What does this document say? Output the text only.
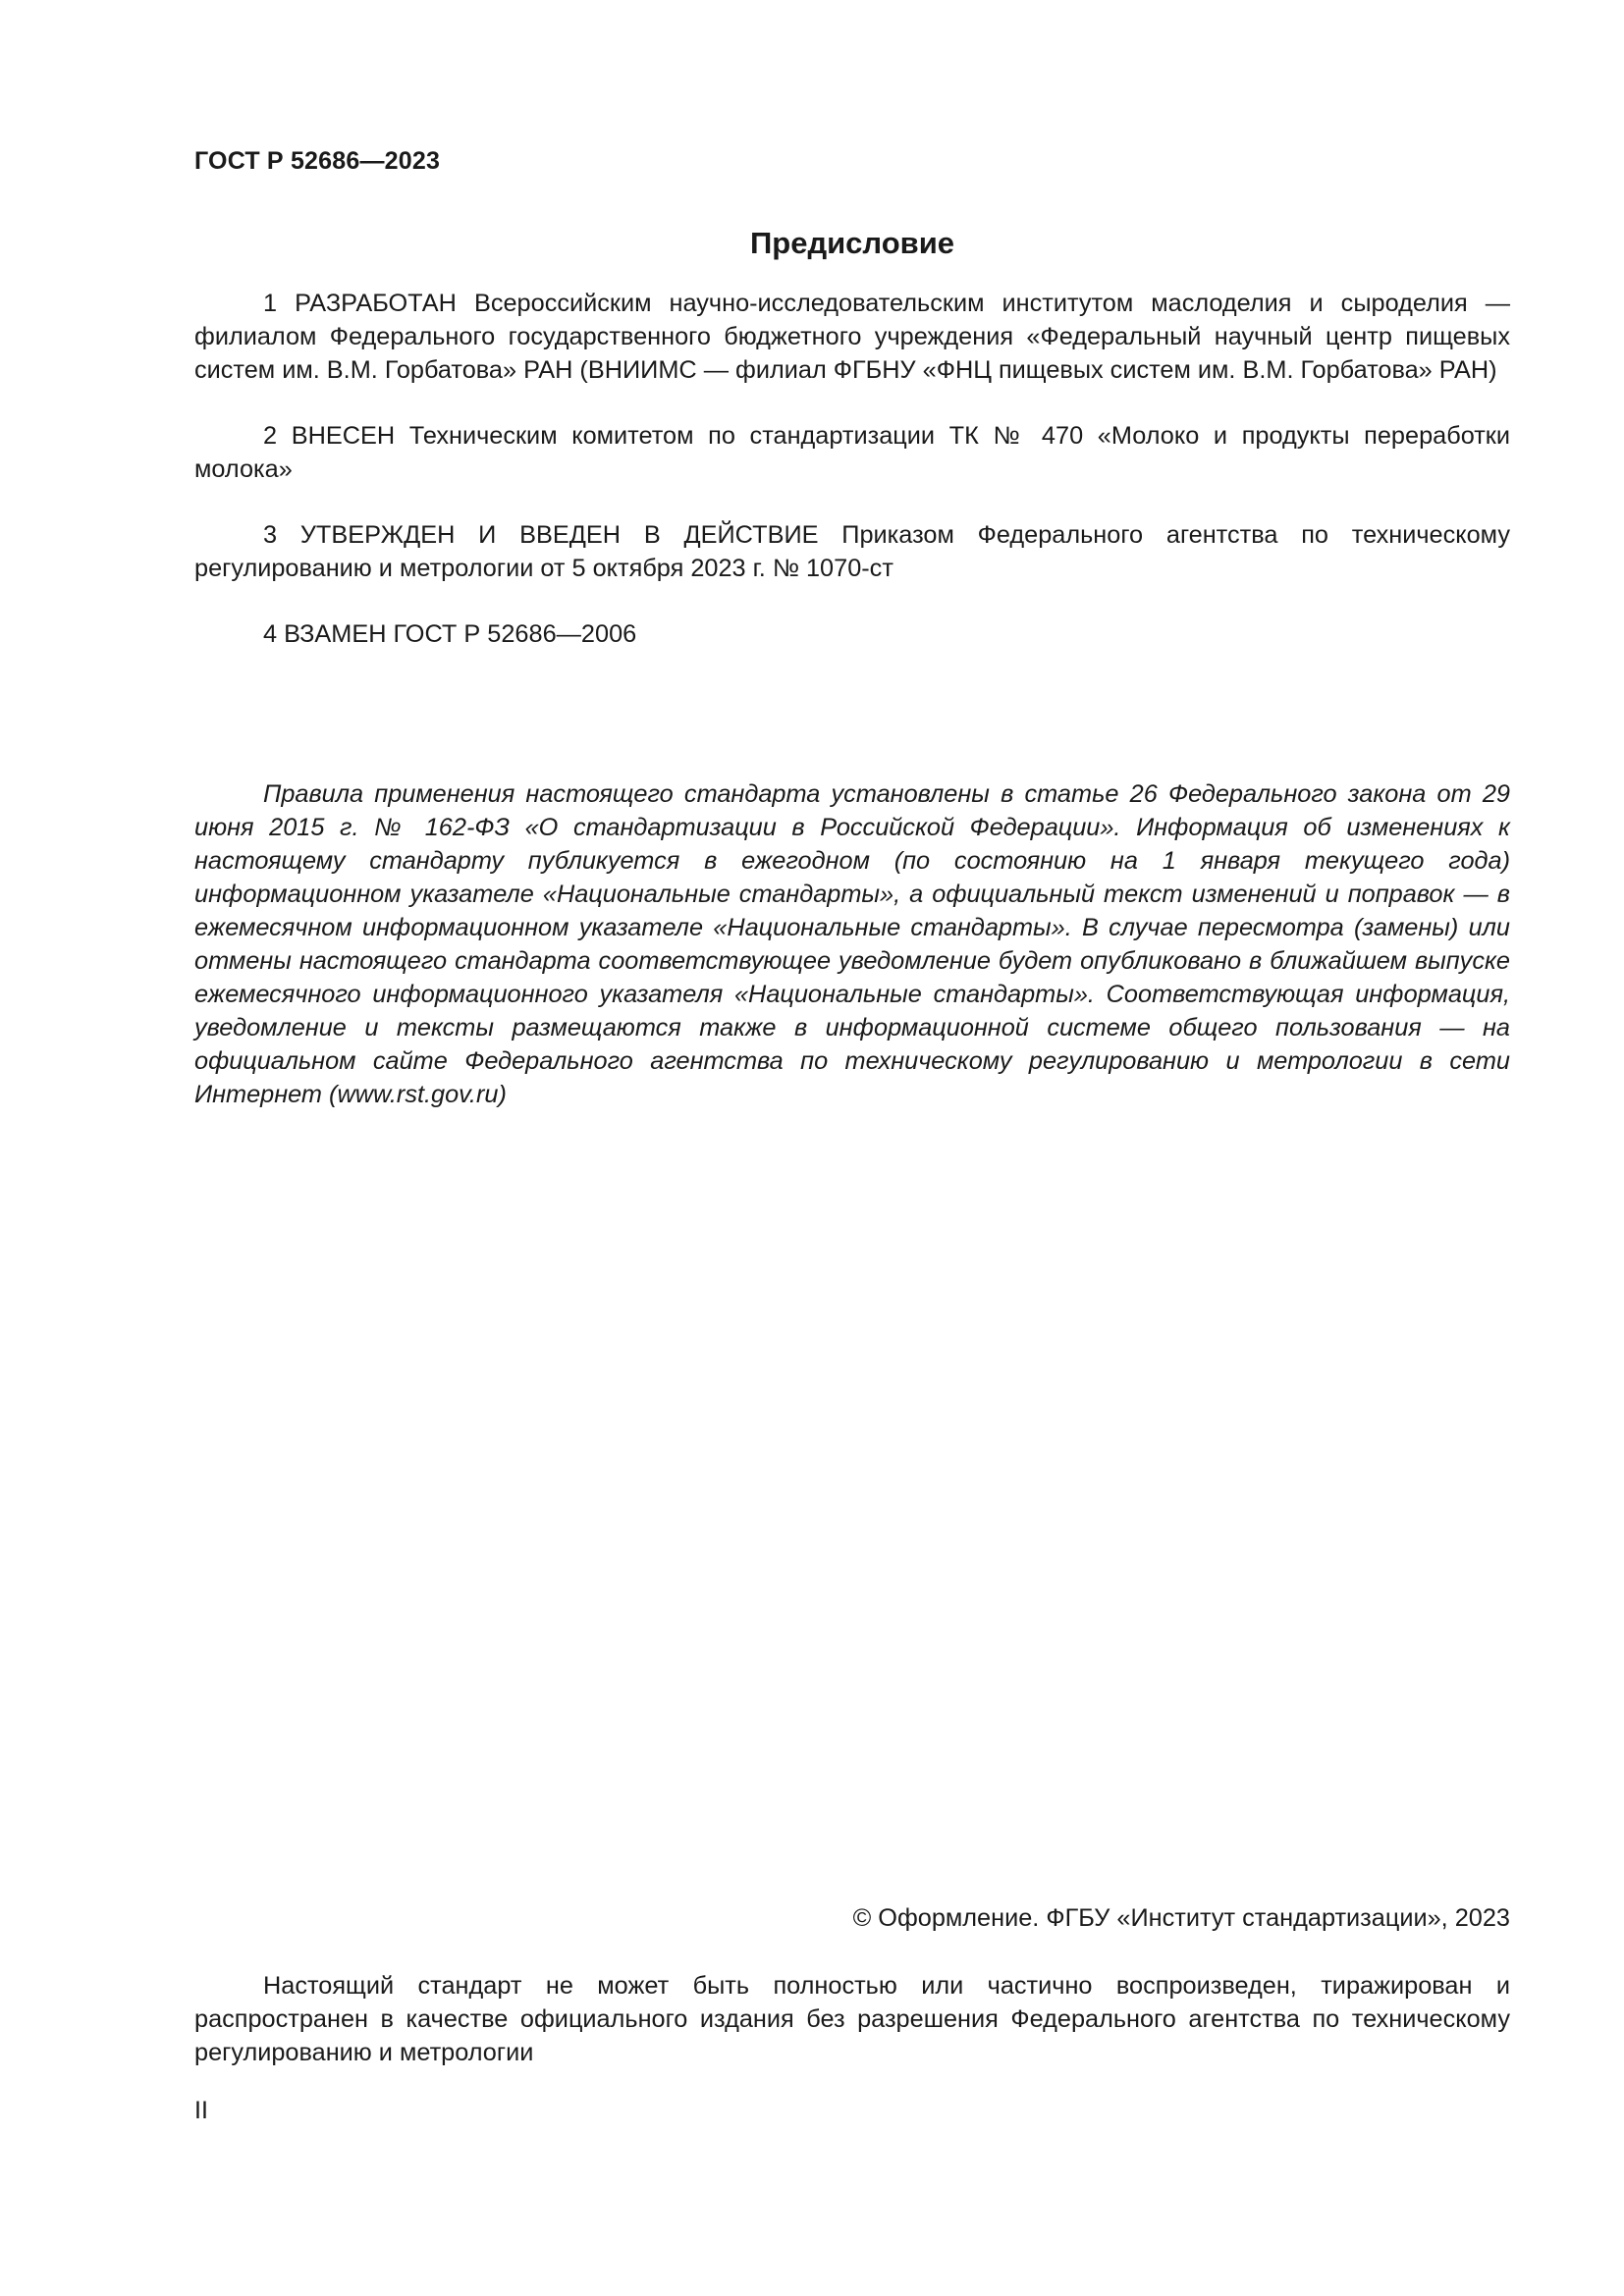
ГОСТ Р 52686—2023
Предисловие

1 РАЗРАБОТАН Всероссийским научно-исследовательским институтом маслоделия и сыроделия — филиалом Федерального государственного бюджетного учреждения «Федеральный научный центр пищевых систем им. В.М. Горбатова» РАН (ВНИИМС — филиал ФГБНУ «ФНЦ пищевых систем им. В.М. Горбатова» РАН)

2 ВНЕСЕН Техническим комитетом по стандартизации ТК № 470 «Молоко и продукты переработки молока»

3 УТВЕРЖДЕН И ВВЕДЕН В ДЕЙСТВИЕ Приказом Федерального агентства по техническому регулированию и метрологии от 5 октября 2023 г. № 1070-ст

4 ВЗАМЕН ГОСТ Р 52686—2006

Правила применения настоящего стандарта установлены в статье 26 Федерального закона от 29 июня 2015 г. № 162-ФЗ «О стандартизации в Российской Федерации». Информация об изменениях к настоящему стандарту публикуется в ежегодном (по состоянию на 1 января текущего года) информационном указателе «Национальные стандарты», а официальный текст изменений и поправок — в ежемесячном информационном указателе «Национальные стандарты». В случае пересмотра (замены) или отмены настоящего стандарта соответствующее уведомление будет опубликовано в ближайшем выпуске ежемесячного информационного указателя «Национальные стандарты». Соответствующая информация, уведомление и тексты размещаются также в информационной системе общего пользования — на официальном сайте Федерального агентства по техническому регулированию и метрологии в сети Интернет (www.rst.gov.ru)

© Оформление. ФГБУ «Институт стандартизации», 2023

Настоящий стандарт не может быть полностью или частично воспроизведен, тиражирован и распространен в качестве официального издания без разрешения Федерального агентства по техническому регулированию и метрологии

II
